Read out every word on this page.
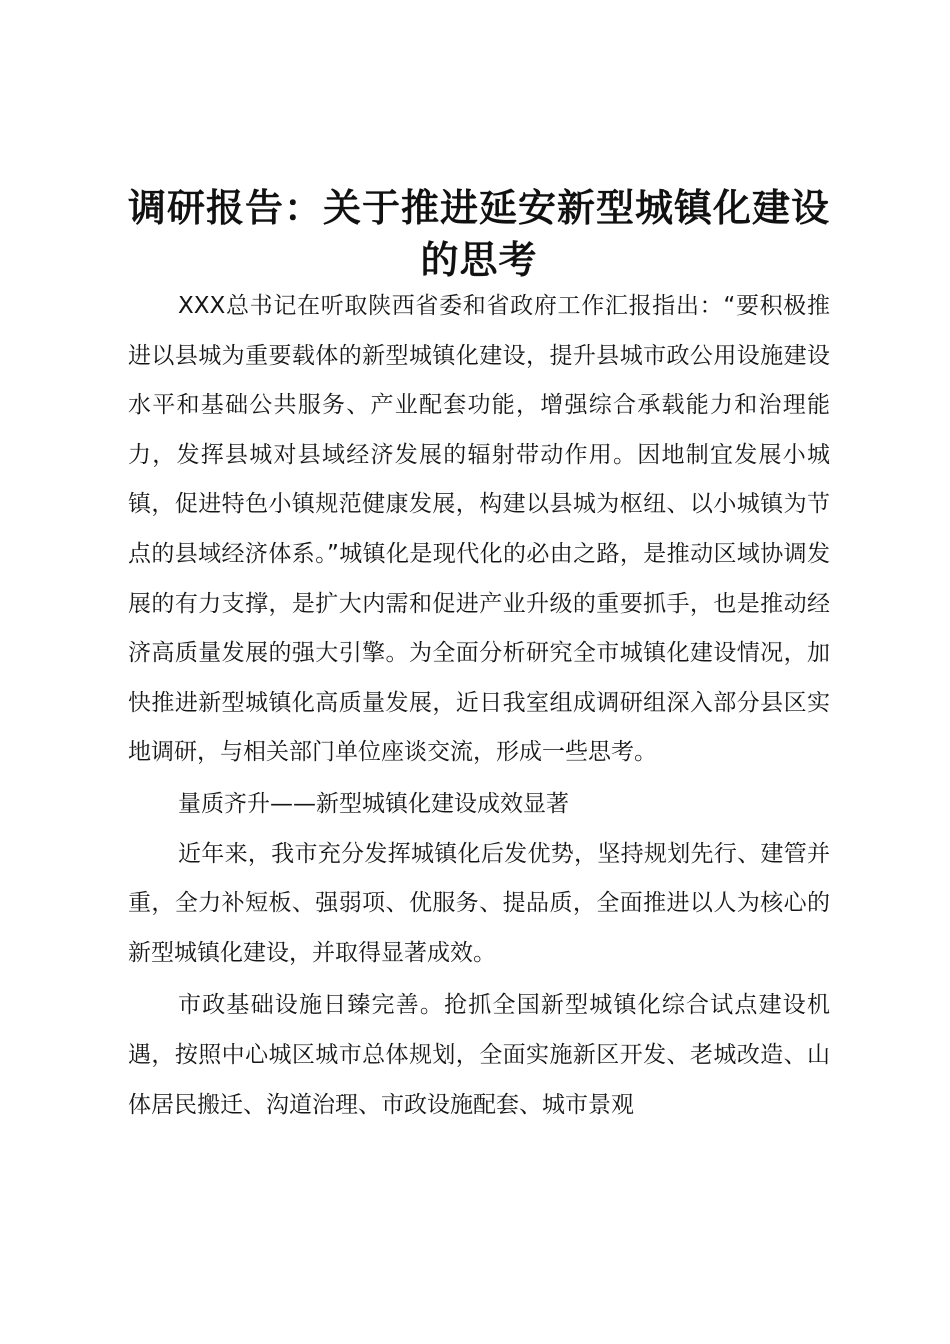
调研报告：关于推进延安新型城镇化建设的思考

XXX总书记在听取陕西省委和省政府工作汇报指出：“要积极推进以县城为重要载体的新型城镇化建设，提升县城市政公用设施建设水平和基础公共服务、产业配套功能，增强综合承载能力和治理能力，发挥县城对县域经济发展的辐射带动作用。因地制宜发展小城镇，促进特色小镇规范健康发展，构建以县城为枢纽、以小城镇为节点的县域经济体系。”城镇化是现代化的必由之路，是推动区域协调发展的有力支撑，是扩大内需和促进产业升级的重要抓手，也是推动经济高质量发展的强大引擎。为全面分析研究全市城镇化建设情况，加快推进新型城镇化高质量发展，近日我室组成调研组深入部分县区实地调研，与相关部门单位座谈交流，形成一些思考。

量质齐升——新型城镇化建设成效显著

近年来，我市充分发挥城镇化后发优势，坚持规划先行、建管并重，全力补短板、强弱项、优服务、提品质，全面推进以人为核心的新型城镇化建设，并取得显著成效。

市政基础设施日臻完善。抢抓全国新型城镇化综合试点建设机遇，按照中心城区城市总体规划，全面实施新区开发、老城改造、山体居民搬迁、沟道治理、市政设施配套、城市景观
